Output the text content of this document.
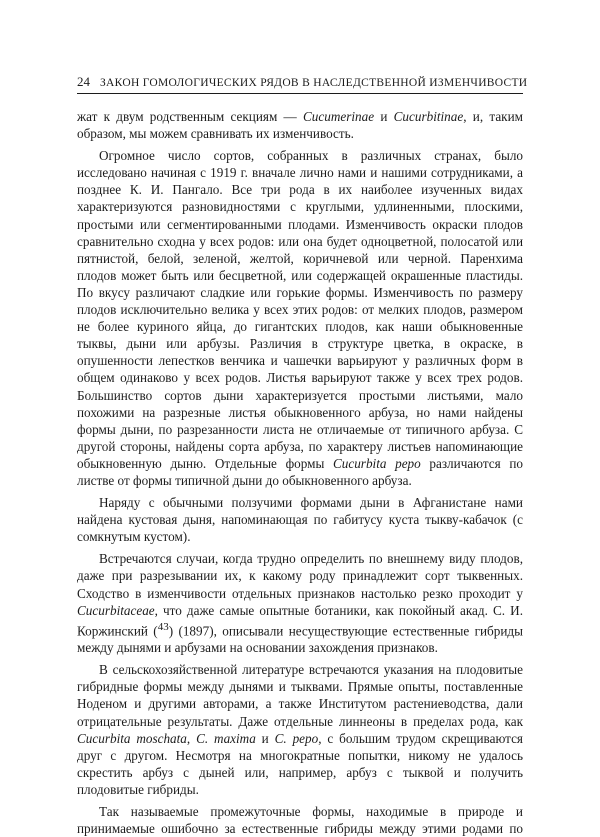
24 ЗАКОН ГОМОЛОГИЧЕСКИХ РЯДОВ В НАСЛЕДСТВЕННОЙ ИЗМЕНЧИВОСТИ

жат к двум родственным секциям — Cucumerinae и Cucurbitinae, и, таким образом, мы можем сравнивать их изменчивость.

Огромное число сортов, собранных в различных странах, было исследовано начиная с 1919 г. вначале лично нами и нашими сотрудниками, а позднее К. И. Пангало. Все три рода в их наиболее изученных видах характеризуются разновидностями с круглыми, удлиненными, плоскими, простыми или сегментированными плодами. Изменчивость окраски плодов сравнительно сходна у всех родов: или она будет одноцветной, полосатой или пятнистой, белой, зеленой, желтой, коричневой или черной. Паренхима плодов может быть или бесцветной, или содержащей окрашенные пластиды. По вкусу различают сладкие или горькие формы. Изменчивость по размеру плодов исключительно велика у всех этих родов: от мелких плодов, размером не более куриного яйца, до гигантских плодов, как наши обыкновенные тыквы, дыни или арбузы. Различия в структуре цветка, в окраске, в опушенности лепестков венчика и чашечки варьируют у различных форм в общем одинаково у всех родов. Листья варьируют также у всех трех родов. Большинство сортов дыни характеризуется простыми листьями, мало похожими на разрезные листья обыкновенного арбуза, но нами найдены формы дыни, по разрезанности листа не отличаемые от типичного арбуза. С другой стороны, найдены сорта арбуза, по характеру листьев напоминающие обыкновенную дыню. Отдельные формы Cucurbita pepo различаются по листве от формы типичной дыни до обыкновенного арбуза.

Наряду с обычными ползучими формами дыни в Афганистане нами найдена кустовая дыня, напоминающая по габитусу куста тыкву-кабачок (с сомкнутым кустом).

Встречаются случаи, когда трудно определить по внешнему виду плодов, даже при разрезывании их, к какому роду принадлежит сорт тыквенных. Сходство в изменчивости отдельных признаков настолько резко проходит у Cucurbitaceae, что даже самые опытные ботаники, как покойный акад. С. И. Коржинский ($^{43}$) (1897), описывали несуществующие естественные гибриды между дынями и арбузами на основании захождения признаков.

В сельскохозяйственной литературе встречаются указания на плодовитые гибридные формы между дынями и тыквами. Прямые опыты, поставленные Ноденом и другими авторами, а также Институтом растениеводства, дали отрицательные результаты. Даже отдельные линнеоны в пределах рода, как Cucurbita moschata, C. maxima и C. pepo, с большим трудом скрещиваются друг с другом. Несмотря на многократные попытки, никому не удалось скрестить арбуз с дыней или, например, арбуз с тыквой и получить плодовитые гибриды.

Так называемые промежуточные формы, находимые в природе и принимаемые ошибочно за естественные гибриды между этими родами по
